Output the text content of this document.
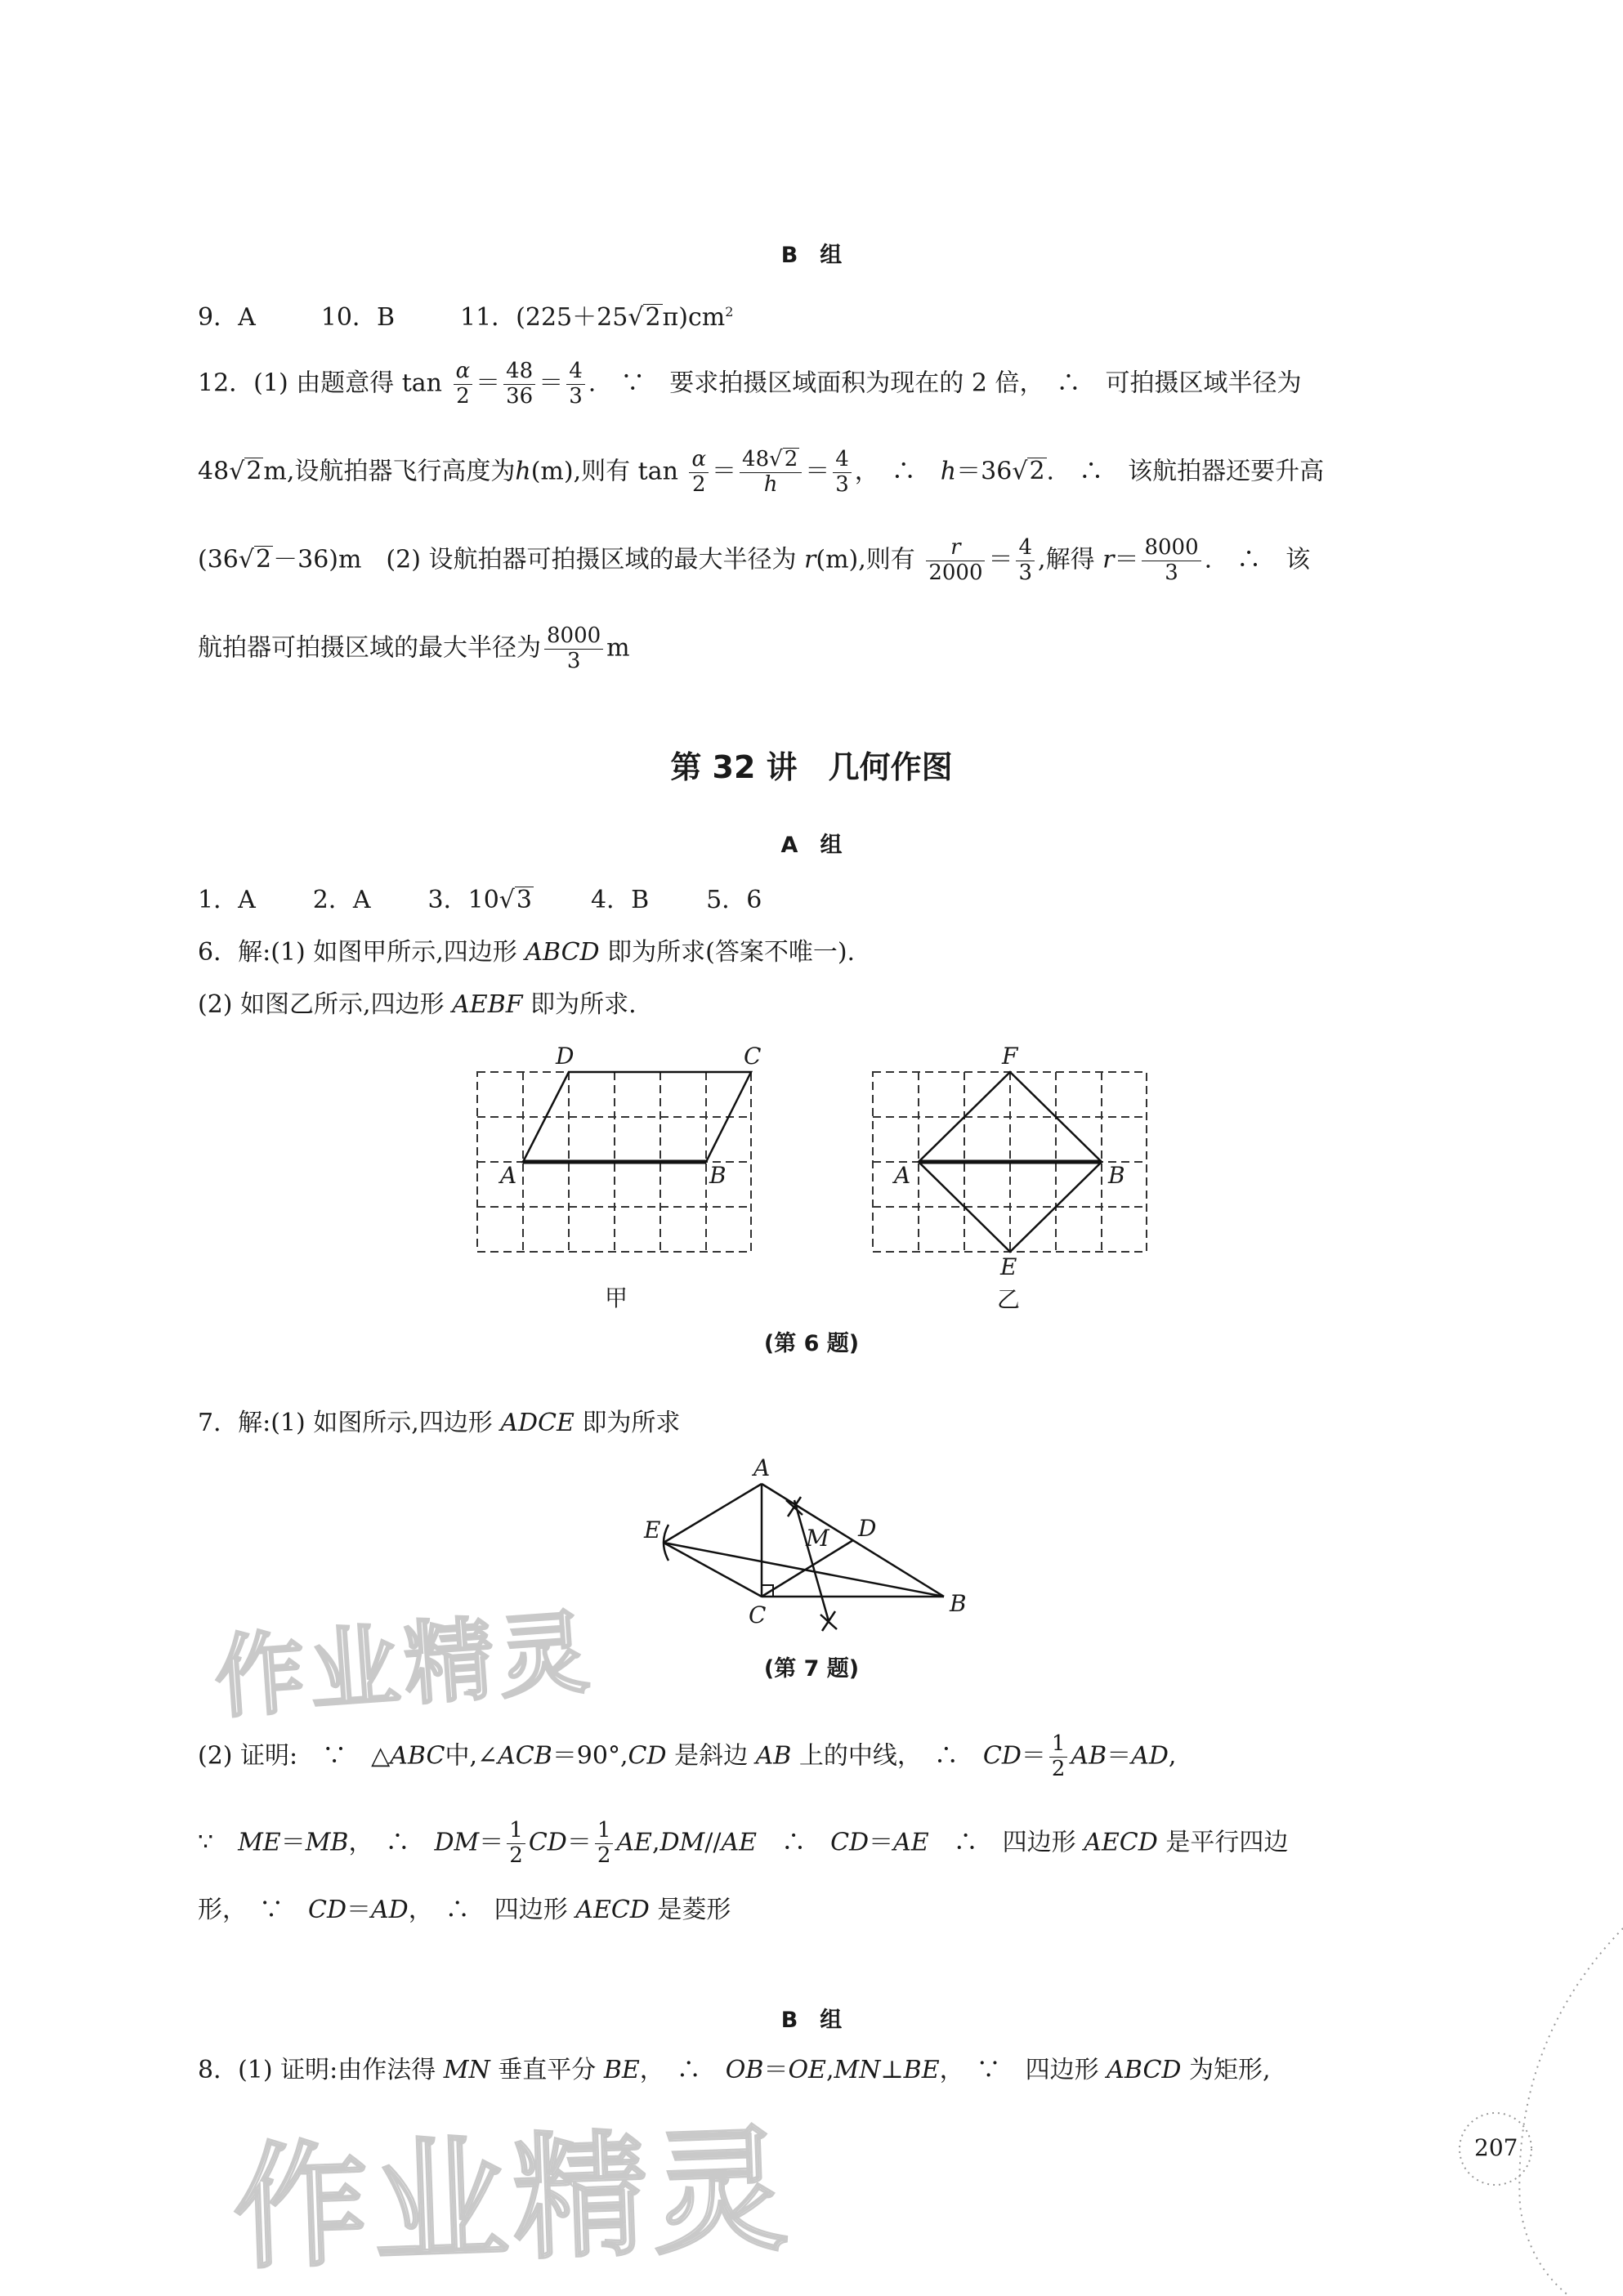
B　组
9．A	10．B	11．$(225+25√2\pi)cm^2$
12．(1) 由题意得 $\tan \frac{\alpha}{2} = \frac{48}{36} = \frac{4}{3}$ .　∵　要求拍摄区域面积为现在的 2 倍，　∴　可拍摄区域半径为
48√2m,设航拍器飞行高度为h(m),则有 $\tan \frac{\alpha}{2} = \frac{48√2}{h} = \frac{4}{3}$ ，　∴　h＝36√2.　∴　该航拍器还要升高
(36√2－36)m　(2) 设航拍器可拍摄区域的最大半径为 r(m),则有 $\frac{r}{2000} = \frac{4}{3}$ ,解得 $r= \frac{8000}{3}$ .　∴　该
航拍器可拍摄区域的最大半径为 $\frac{8000}{3}$ m
第 32 讲　几何作图
A　组
1．A 2．A 3．10√3 4．B 5．6
6．解:(1) 如图甲所示,四边形 ABCD 即为所求(答案不唯一).
(2) 如图乙所示,四边形 AEBF 即为所求.
D	C
A	B
甲
F
A	B
E
乙
(第 6 题)
7．解:(1) 如图所示,四边形 ADCE 即为所求
A
B
C
D
E	M
(第 7 题)
(2) 证明:　∵　△ABC中,∠ACB＝90°,CD 是斜边 AB 上的中线，　∴　$CD= \frac{1}{2} AB=AD$,
∵　ME＝MB，　∴　$DM= \frac{1}{2} CD= \frac{1}{2} AE,DM//AE$　∴　CD＝AE　∴　四边形 AECD 是平行四边
形，　∵　CD＝AD，　∴　四边形 AECD 是菱形
B　组
8．(1) 证明:由作法得 MN 垂直平分 BE，　∴　OB＝OE,MN⊥BE，　∵　四边形 ABCD 为矩形,
作业精灵
作业精灵	207
